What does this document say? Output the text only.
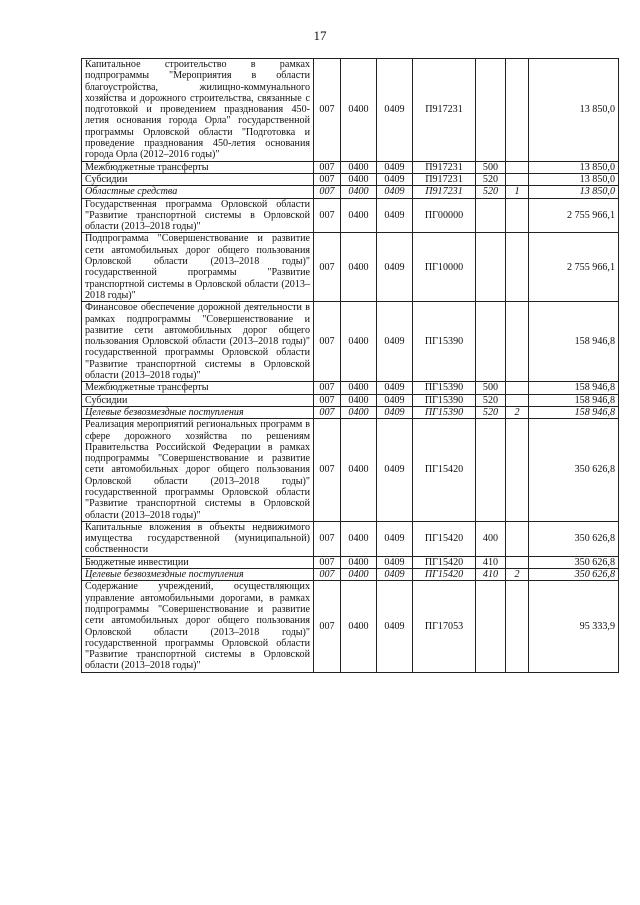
17
Капитальное строительство в рамках подпрограммы "Мероприятия в области благоустройства, жилищно-коммунального хозяйства и дорожного строительства, связанные с подготовкой и проведением празднования 450-летия основания города Орла" государственной программы Орловской области "Подготовка и проведение празднования 450-летия основания города Орла (2012–2016 годы)"	007	0400	0409	П917231			13 850,0
Межбюджетные трансферты	007	0400	0409	П917231	500		13 850,0
Субсидии	007	0400	0409	П917231	520		13 850,0
Областные средства	007	0400	0409	П917231	520	1	13 850,0
Государственная программа Орловской области "Развитие транспортной системы в Орловской области (2013–2018 годы)"	007	0400	0409	ПГ00000			2 755 966,1
Подпрограмма "Совершенствование и развитие сети автомобильных дорог общего пользования Орловской области (2013–2018 годы)" государственной программы "Развитие транспортной системы в Орловской области (2013–2018 годы)"	007	0400	0409	ПГ10000			2 755 966,1
Финансовое обеспечение дорожной деятельности в рамках подпрограммы "Совершенствование и развитие сети автомобильных дорог общего пользования Орловской области (2013–2018 годы)" государственной программы Орловской области "Развитие транспортной системы в Орловской области (2013–2018 годы)"	007	0400	0409	ПГ15390			158 946,8
Межбюджетные трансферты	007	0400	0409	ПГ15390	500		158 946,8
Субсидии	007	0400	0409	ПГ15390	520		158 946,8
Целевые безвозмездные поступления	007	0400	0409	ПГ15390	520	2	158 946,8
Реализация мероприятий региональных программ в сфере дорожного хозяйства по решениям Правительства Российской Федерации в рамках подпрограммы "Совершенствование и развитие сети автомобильных дорог общего пользования Орловской области (2013–2018 годы)" государственной программы Орловской области "Развитие транспортной системы в Орловской области (2013–2018 годы)"	007	0400	0409	ПГ15420			350 626,8
Капитальные вложения в объекты недвижимого имущества государственной (муниципальной) собственности	007	0400	0409	ПГ15420	400		350 626,8
Бюджетные инвестиции	007	0400	0409	ПГ15420	410		350 626,8
Целевые безвозмездные поступления	007	0400	0409	ПГ15420	410	2	350 626,8
Содержание учреждений, осуществляющих управление автомобильными дорогами, в рамках подпрограммы "Совершенствование и развитие сети автомобильных дорог общего пользования Орловской области (2013–2018 годы)" государственной программы Орловской области "Развитие транспортной системы в Орловской области (2013–2018 годы)"	007	0400	0409	ПГ17053			95 333,9
